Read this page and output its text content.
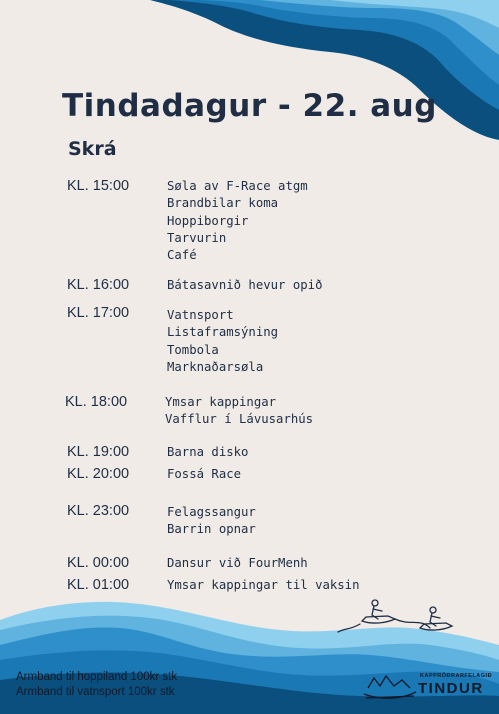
Tindadagur - 22. aug
Skrá
KL. 15:00	Søla av F-Race atgm
Brandbilar koma
Hoppiborgir
Tarvurin
Café
KL. 16:00	Bátasavnið hevur opið
KL. 17:00	Vatnsport
Listaframsýning
Tombola
Marknaðarsøla
KL. 18:00	Ymsar kappingar
Vafflur í Lávusarhús
KL. 19:00	Barna disko
KL. 20:00	Fossá Race
KL. 23:00	Felagssangur
Barrin opnar
KL. 00:00	Dansur við FourMenh
KL. 01:00	Ymsar kappingar til vaksin
Armband til hoppiland 100kr stk
Armband til vatnsport 100kr stk
KAPPRÓÐRARFELAGIÐ
TINDUR
